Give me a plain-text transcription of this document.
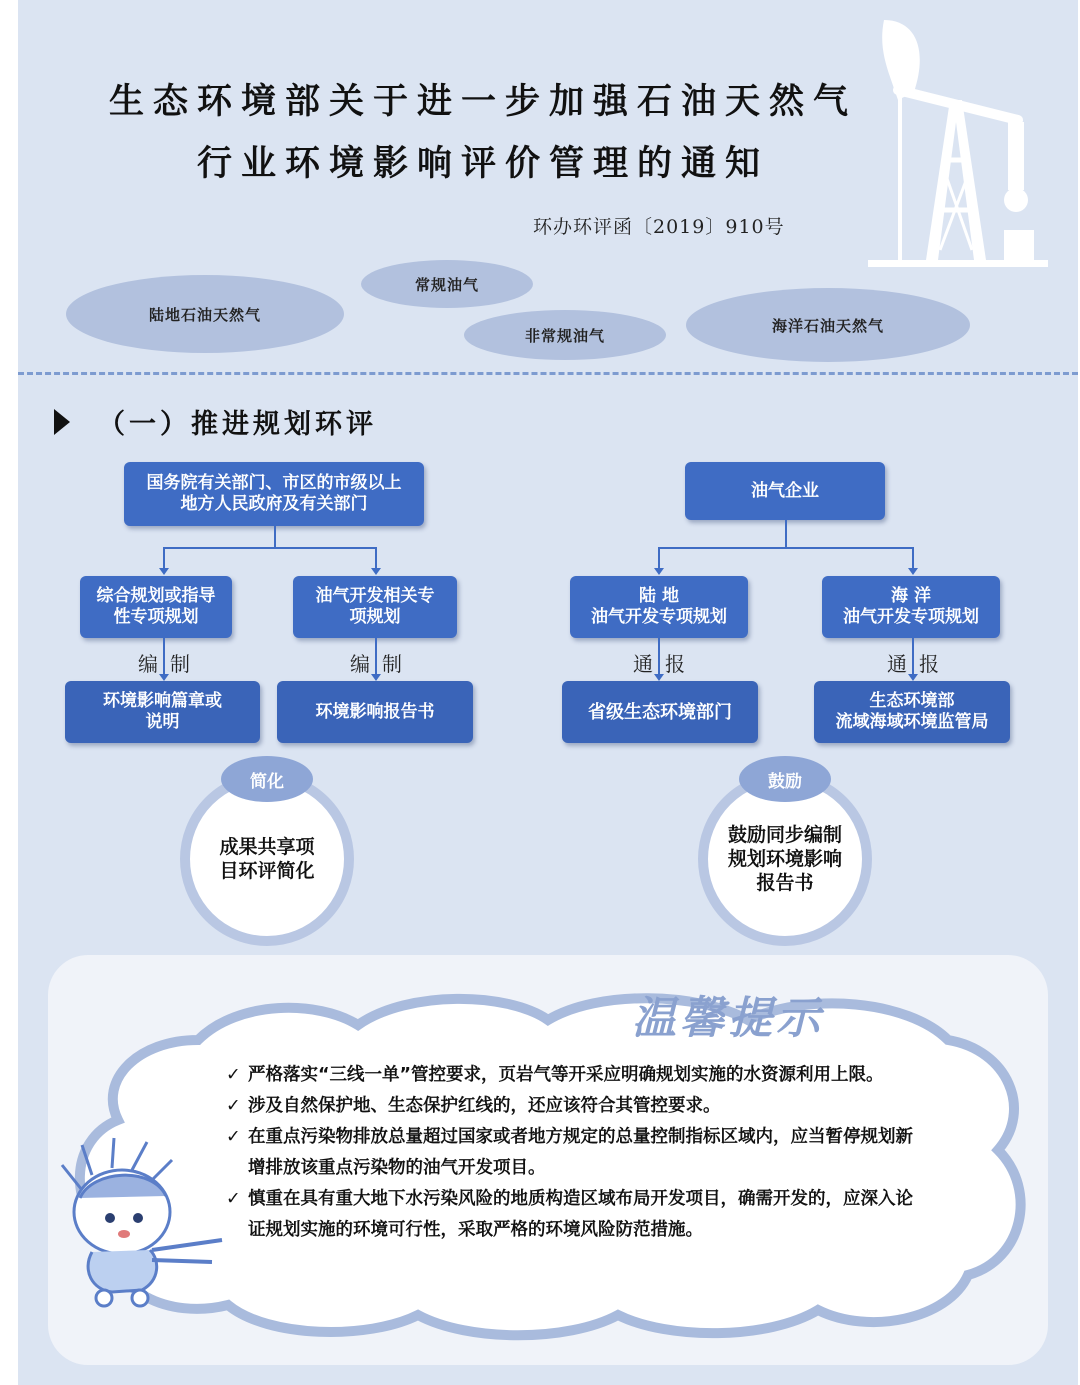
生态环境部关于进一步加强石油天然气
行业环境影响评价管理的通知
环办环评函〔2019〕910号
陆地石油天然气
常规油气
非常规油气
海洋石油天然气
（一）推进规划环评
国务院有关部门、市区的市级以上
地方人民政府及有关部门
综合规划或指导
性专项规划
油气开发相关专
项规划
编 制	编 制
环境影响篇章或
说明
环境影响报告书
成果共享项
目环评简化
简化
油气企业
陆 地
油气开发专项规划
海 洋
油气开发专项规划
通 报	通 报
省级生态环境部门
生态环境部
流域海域环境监管局
鼓励同步编制
规划环境影响
报告书
鼓励
温馨提示
✓ 严格落实“三线一单”管控要求，页岩气等开采应明确规划实施的水资源利用上限。
✓ 涉及自然保护地、生态保护红线的，还应该符合其管控要求。
✓ 在重点污染物排放总量超过国家或者地方规定的总量控制指标区域内，应当暂停规划新增排放该重点污染物的油气开发项目。
✓ 慎重在具有重大地下水污染风险的地质构造区域布局开发项目，确需开发的，应深入论证规划实施的环境可行性，采取严格的环境风险防范措施。
